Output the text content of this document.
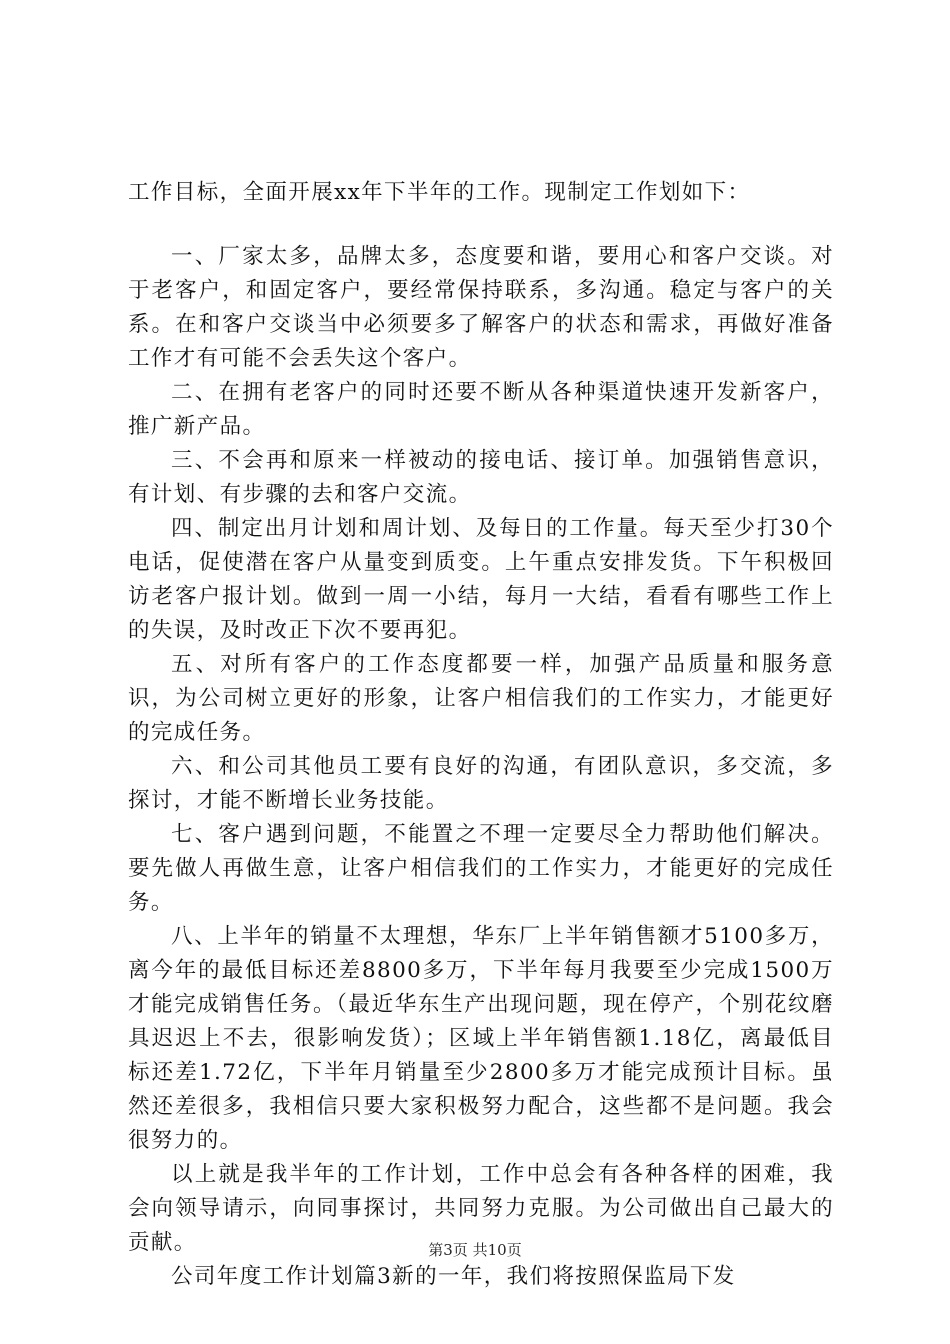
工作目标，全面开展xx年下半年的工作。现制定工作划如下：

一、厂家太多，品牌太多，态度要和谐，要用心和客户交谈。对于老客户，和固定客户，要经常保持联系，多沟通。稳定与客户的关系。在和客户交谈当中必须要多了解客户的状态和需求，再做好准备工作才有可能不会丢失这个客户。

二、在拥有老客户的同时还要不断从各种渠道快速开发新客户，推广新产品。

三、不会再和原来一样被动的接电话、接订单。加强销售意识，有计划、有步骤的去和客户交流。

四、制定出月计划和周计划、及每日的工作量。每天至少打30个电话，促使潜在客户从量变到质变。上午重点安排发货。下午积极回访老客户报计划。做到一周一小结，每月一大结，看看有哪些工作上的失误，及时改正下次不要再犯。

五、对所有客户的工作态度都要一样，加强产品质量和服务意识，为公司树立更好的形象，让客户相信我们的工作实力，才能更好的完成任务。

六、和公司其他员工要有良好的沟通，有团队意识，多交流，多探讨，才能不断增长业务技能。

七、客户遇到问题，不能置之不理一定要尽全力帮助他们解决。要先做人再做生意，让客户相信我们的工作实力，才能更好的完成任务。

八、上半年的销量不太理想，华东厂上半年销售额才5100多万，离今年的最低目标还差8800多万，下半年每月我要至少完成1500万才能完成销售任务。（最近华东生产出现问题，现在停产，个别花纹磨具迟迟上不去，很影响发货）；区域上半年销售额1.18亿，离最低目标还差1.72亿，下半年月销量至少2800多万才能完成预计目标。虽然还差很多，我相信只要大家积极努力配合，这些都不是问题。我会很努力的。

以上就是我半年的工作计划，工作中总会有各种各样的困难，我会向领导请示，向同事探讨，共同努力克服。为公司做出自己最大的贡献。

公司年度工作计划篇3新的一年，我们将按照保监局下发

第3页 共10页
